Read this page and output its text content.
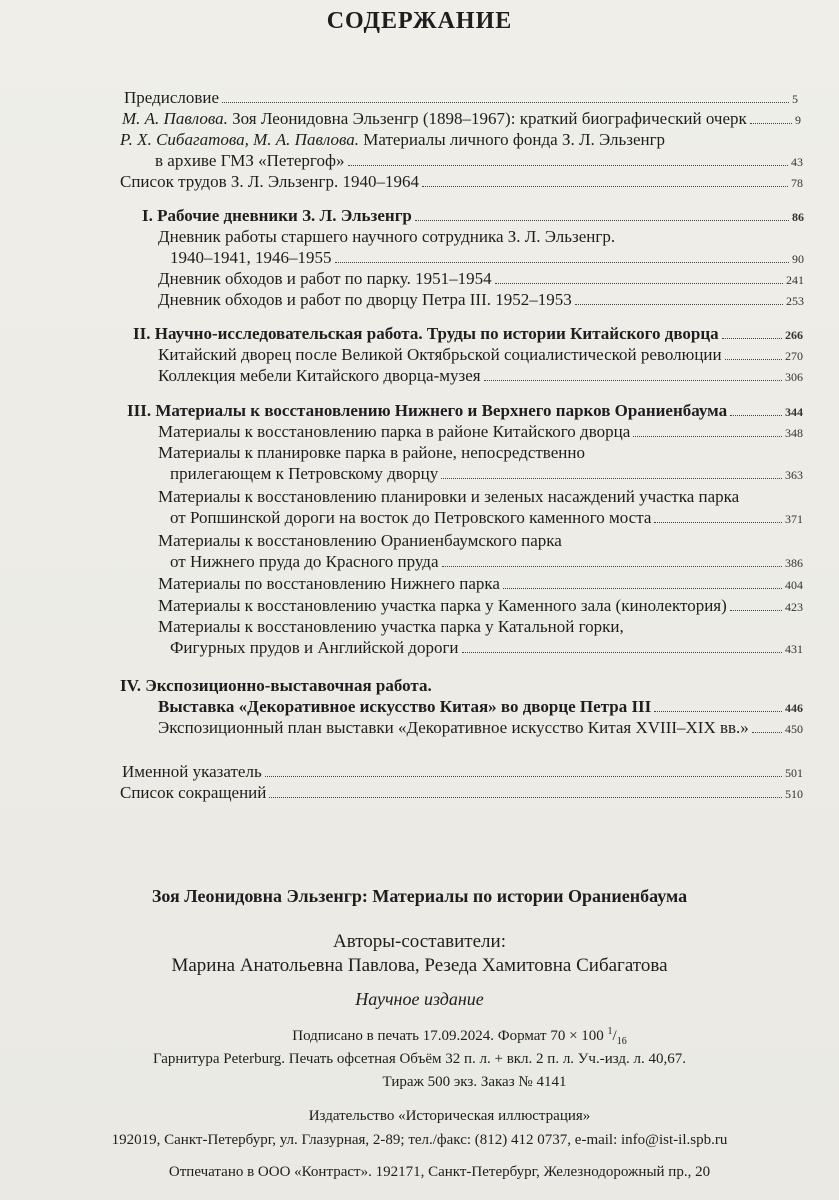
СОДЕРЖАНИЕ
Предисловие	5
М. А. Павлова. Зоя Леонидовна Эльзенгр (1898–1967): краткий биографический очерк	9
Р. Х. Сибагатова, М. А. Павлова. Материалы личного фонда З. Л. Эльзенгр
в архиве ГМЗ «Петергоф»	43
Список трудов З. Л. Эльзенгр. 1940–1964	78
I. Рабочие дневники З. Л. Эльзенгр	86
Дневник работы старшего научного сотрудника З. Л. Эльзенгр.
1940–1941, 1946–1955	90
Дневник обходов и работ по парку. 1951–1954	241
Дневник обходов и работ по дворцу Петра III. 1952–1953	253
II. Научно-исследовательская работа. Труды по истории Китайского дворца	266
Китайский дворец после Великой Октябрьской социалистической революции	270
Коллекция мебели Китайского дворца-музея	306
III. Материалы к восстановлению Нижнего и Верхнего парков Ораниенбаума	344
Материалы к восстановлению парка в районе Китайского дворца	348
Материалы к планировке парка в районе, непосредственно
прилегающем к Петровскому дворцу	363
Материалы к восстановлению планировки и зеленых насаждений участка парка
от Ропшинской дороги на восток до Петровского каменного моста	371
Материалы к восстановлению Ораниенбаумского парка
от Нижнего пруда до Красного пруда	386
Материалы по восстановлению Нижнего парка	404
Материалы к восстановлению участка парка у Каменного зала (кинолектория)	423
Материалы к восстановлению участка парка у Катальной горки,
Фигурных прудов и Английской дороги	431
IV. Экспозиционно-выставочная работа.
Выставка «Декоративное искусство Китая» во дворце Петра III	446
Экспозиционный план выставки «Декоративное искусство Китая XVIII–XIX вв.»	450
Именной указатель	501
Список сокращений	510
Зоя Леонидовна Эльзенгр: Материалы по истории Ораниенбаума
Авторы-составители:
Марина Анатольевна Павлова, Резеда Хамитовна Сибагатова
Научное издание
Подписано в печать 17.09.2024. Формат 70 × 100 $^1/_{16}$
Гарнитура Peterburg. Печать офсетная Объём 32 п. л. + вкл. 2 п. л. Уч.-изд. л. 40,67.
Тираж 500 экз. Заказ № 4141
Издательство «Историческая иллюстрация»
192019, Санкт-Петербург, ул. Глазурная, 2-89; тел./факс: (812) 412 0737, e-mail: info@ist-il.spb.ru
Отпечатано в ООО «Контраст». 192171, Санкт-Петербург, Железнодорожный пр., 20
